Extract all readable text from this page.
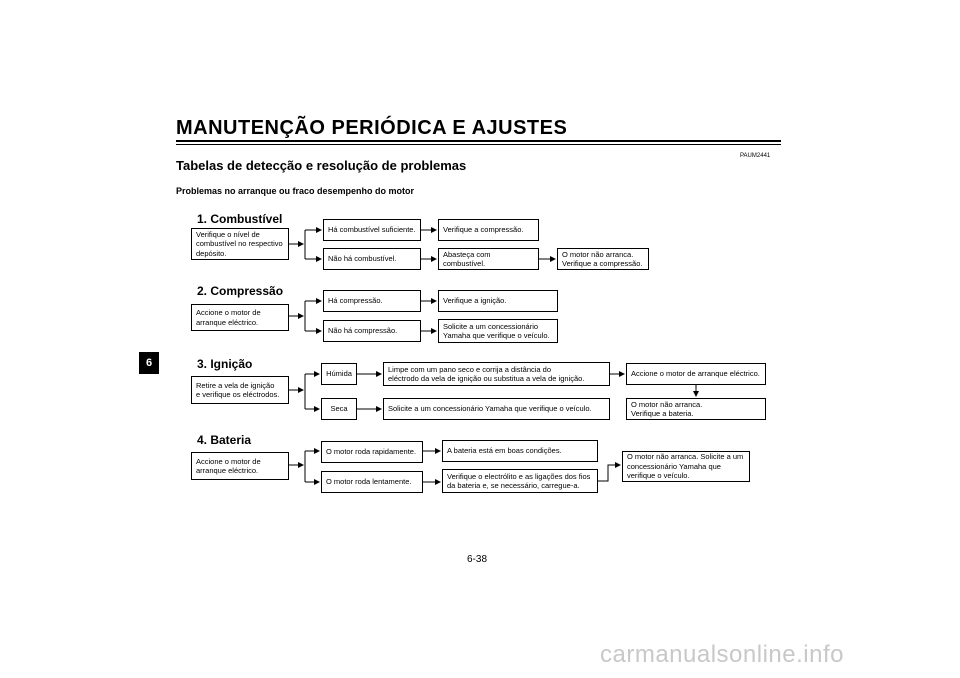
MANUTENÇÃO PERIÓDICA E AJUSTES
PAUM2441
Tabelas de detecção e resolução de problemas
Problemas no arranque ou fraco desempenho do motor
6
1. Combustível
Verifique o nível de
combustível no respectivo
depósito.
Há combustível suficiente.	Verifique a compressão.
Não há combustível.
Abasteça com combustível.
O motor não arranca.
Verifique a compressão.
2. Compressão
Accione o motor de
arranque eléctrico.
Há compressão.	Verifique a ignição.
Não há compressão.
Solicite a um concessionário
Yamaha que verifique o veículo.
3. Ignição
Retire a vela de ignição
e verifique os eléctrodos.
Húmida
Limpe com um pano seco e corrija a distância do
eléctrodo da vela de ignição ou substitua a vela de ignição.
Accione o motor de arranque eléctrico.
O motor não arranca.
Verifique a bateria.
Seca	Solicite a um concessionário Yamaha que verifique o veículo.
4. Bateria
Accione o motor de
arranque eléctrico.
O motor roda rapidamente.	A bateria está em boas condições.
O motor roda lentamente.
Verifique o electrólito e as ligações dos fios
da bateria e, se necessário, carregue-a.
O motor não arranca. Solicite a um
concessionário Yamaha que
verifique o veículo.
6-38
carmanualsonline.info
